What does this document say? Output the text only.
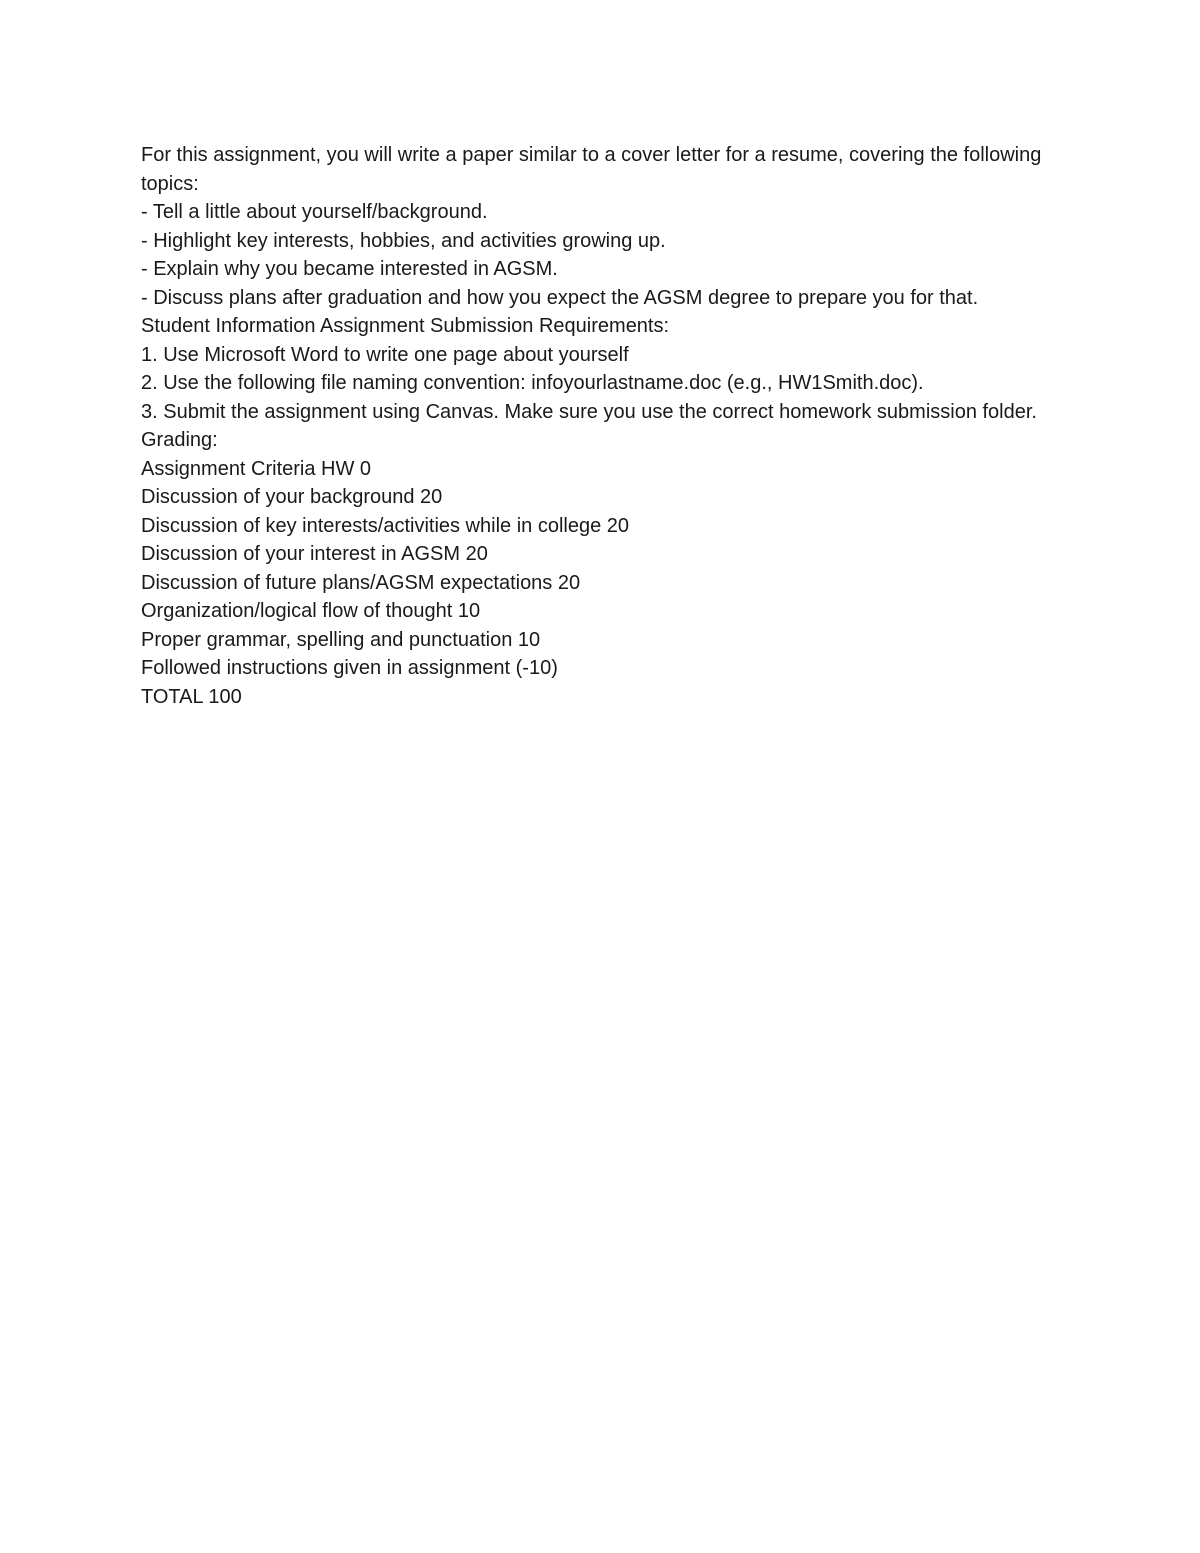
For this assignment, you will write a paper similar to a cover letter for a resume, covering the following topics:

- Tell a little about yourself/background.

- Highlight key interests, hobbies, and activities growing up.

- Explain why you became interested in AGSM.

- Discuss plans after graduation and how you expect the AGSM degree to prepare you for that.

Student Information Assignment Submission Requirements:

1. Use Microsoft Word to write one page about yourself

2. Use the following file naming convention: infoyourlastname.doc (e.g., HW1Smith.doc).

3. Submit the assignment using Canvas. Make sure you use the correct homework submission folder.

Grading:

Assignment Criteria HW 0

Discussion of your background 20

Discussion of key interests/activities while in college 20

Discussion of your interest in AGSM 20

Discussion of future plans/AGSM expectations 20

Organization/logical flow of thought 10

Proper grammar, spelling and punctuation 10

Followed instructions given in assignment (-10)

TOTAL 100
